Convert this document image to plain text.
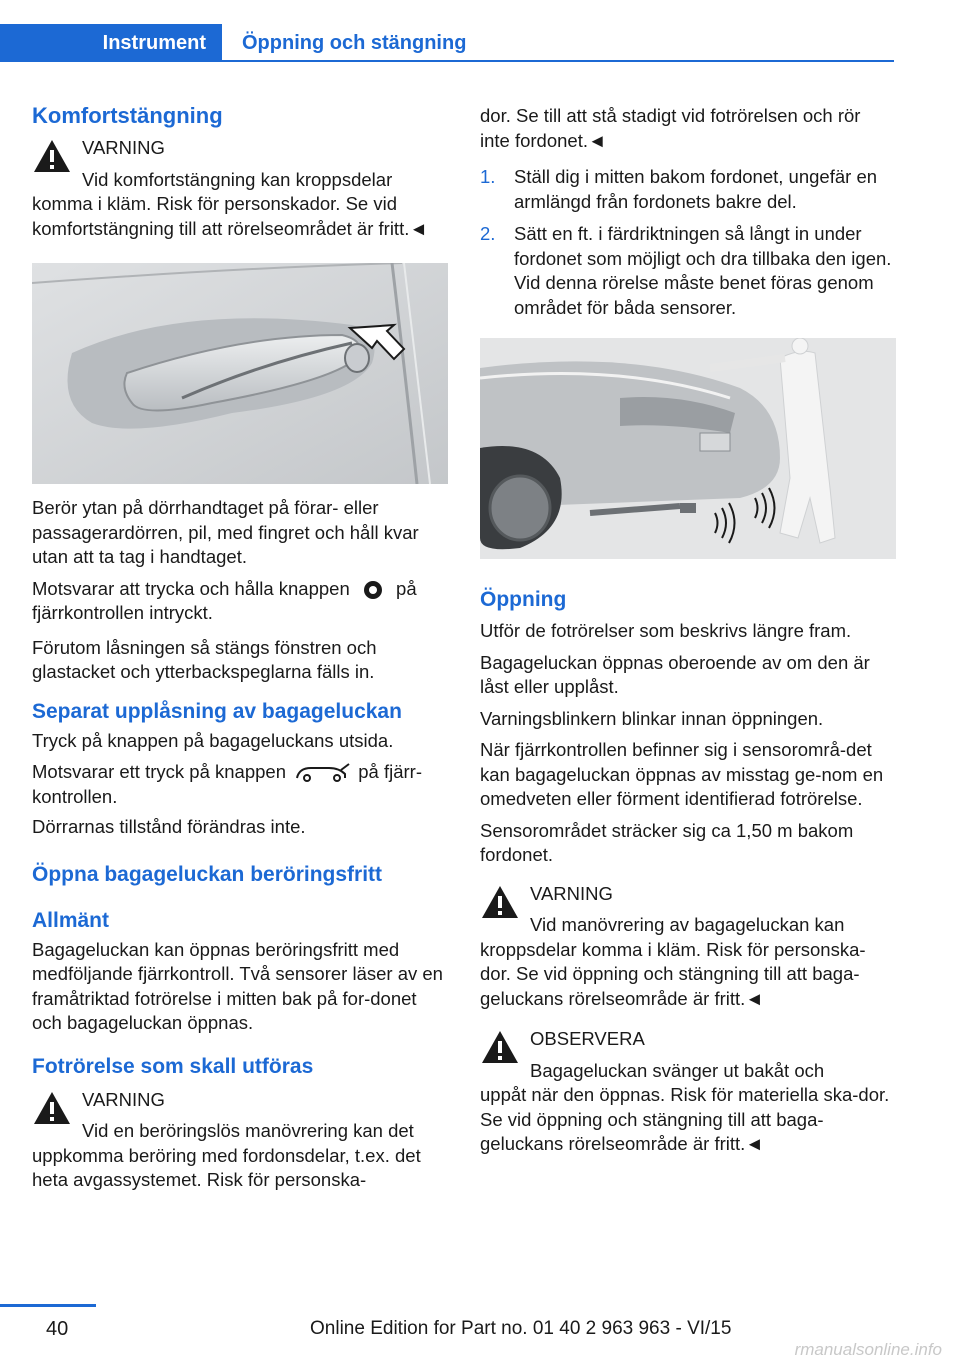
Instrument	Öppning och stängning
Komfortstängning

VARNING

Vid komfortstängning kan kroppsdelar

komma i kläm. Risk för personskador. Se vid komfortstängning till att rörelseområdet är fritt.◄

Berör ytan på dörrhandtaget på förar- eller passagerardörren, pil, med fingret och håll kvar utan att ta tag i handtaget.

Motsvarar att trycka och hålla knappen	på fjärrkontrollen intryckt.

Förutom låsningen så stängs fönstren och glastacket och ytterbackspeglarna fälls in.

Separat upplåsning av bagageluckan

Tryck på knappen på bagageluckans utsida.

Motsvarar ett tryck på knappen	på fjärr-kontrollen.

Dörrarnas tillstånd förändras inte.

Öppna bagageluckan beröringsfritt
Allmänt

Bagageluckan kan öppnas beröringsfritt med medföljande fjärrkontroll. Två sensorer läser av en framåtriktad fotrörelse i mitten bak på for-donet och bagageluckan öppnas.

Fotrörelse som skall utföras

VARNING

Vid en beröringslös manövrering kan det

uppkomma beröring med fordonsdelar, t.ex. det heta avgassystemet. Risk för personska-

dor. Se till att stå stadigt vid fotrörelsen och rör inte fordonet.◄

1. Ställ dig i mitten bakom fordonet, ungefär en armlängd från fordonets bakre del.
2. Sätt en ft. i färdriktningen så långt in under fordonet som möjligt och dra tillbaka den igen. Vid denna rörelse måste benet föras genom området för båda sensorer.
Öppning

Utför de fotrörelser som beskrivs längre fram.

Bagageluckan öppnas oberoende av om den är låst eller upplåst.

Varningsblinkern blinkar innan öppningen.

När fjärrkontrollen befinner sig i sensorområ-det kan bagageluckan öppnas av misstag ge-nom en omedveten eller förment identifierad fotrörelse.

Sensorområdet sträcker sig ca 1,50 m bakom fordonet.

VARNING

Vid manövrering av bagageluckan kan

kroppsdelar komma i kläm. Risk för personska-dor. Se vid öppning och stängning till att baga-geluckans rörelseområde är fritt.◄

OBSERVERA

Bagageluckan svänger ut bakåt och

uppåt när den öppnas. Risk för materiella ska-dor. Se vid öppning och stängning till att baga-geluckans rörelseområde är fritt.◄

40	Online Edition for Part no. 01 40 2 963 963 - VI/15
rmanualsonline.info
